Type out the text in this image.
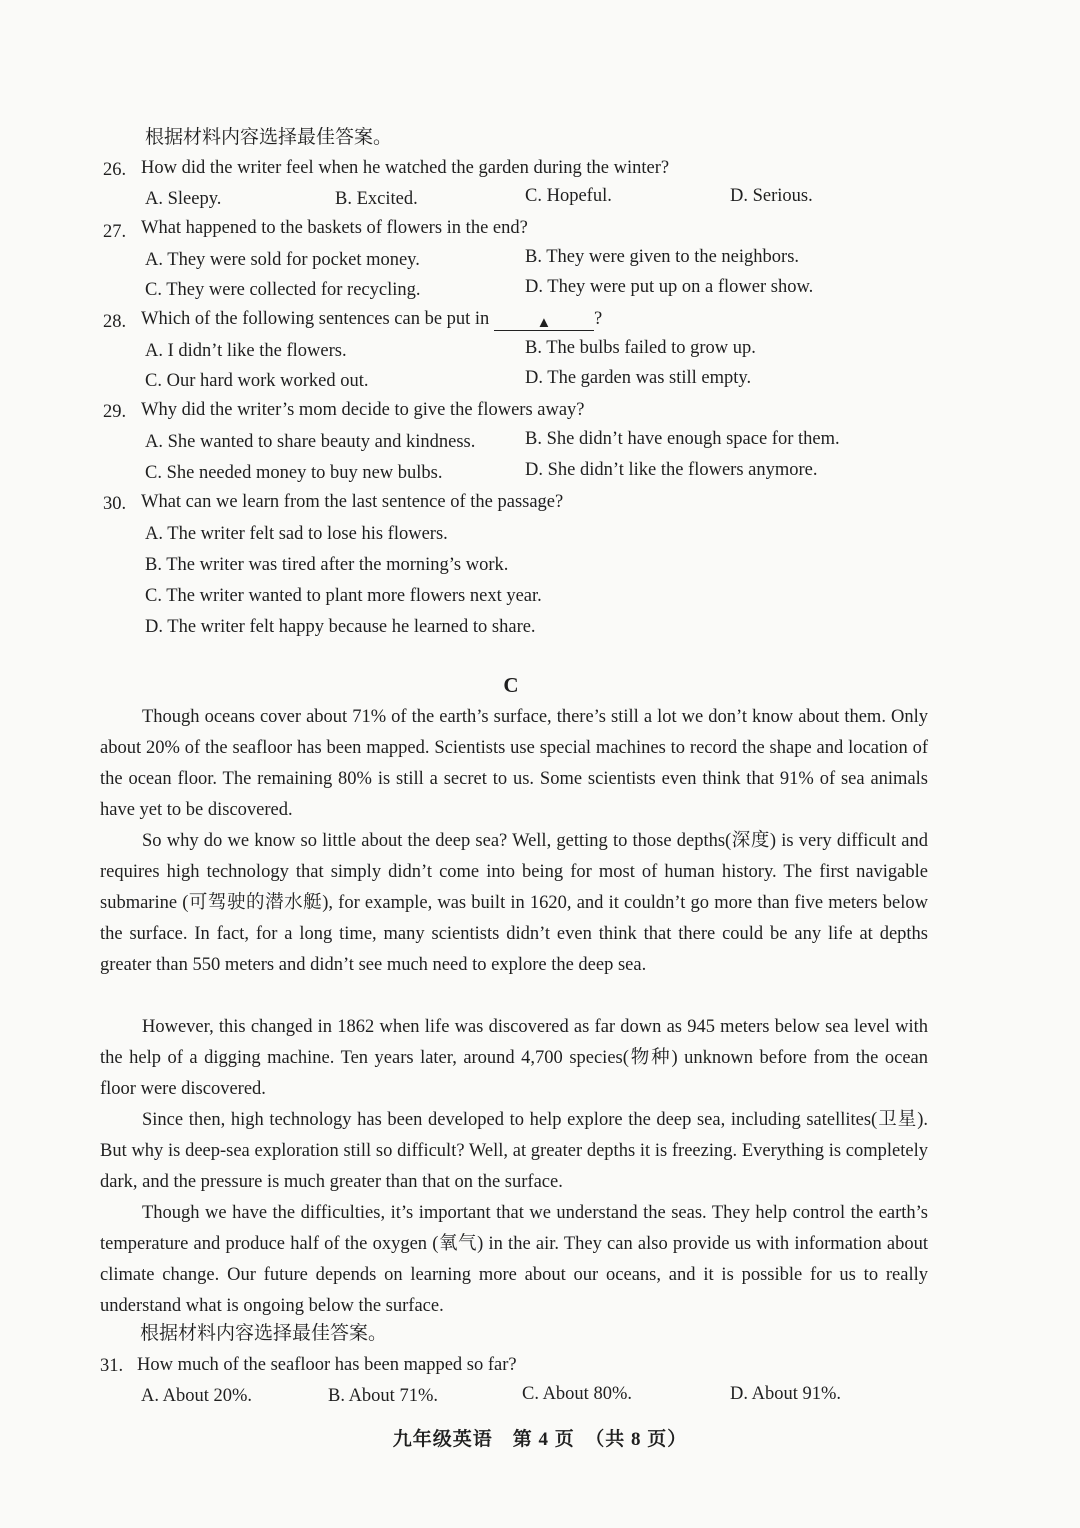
根据材料内容选择最佳答案。
26. How did the writer feel when he watched the garden during the winter?
A. Sleepy.	B. Excited.	C. Hopeful.	D. Serious.
27. What happened to the baskets of flowers in the end?
A. They were sold for pocket money.	B. They were given to the neighbors.
C. They were collected for recycling.	D. They were put up on a flower show.
28. Which of the following sentences can be put in	▲ ?
A. I didn’t like the flowers.	B. The bulbs failed to grow up.
C. Our hard work worked out.	D. The garden was still empty.
29. Why did the writer’s mom decide to give the flowers away?
A. She wanted to share beauty and kindness.	B. She didn’t have enough space for them.
C. She needed money to buy new bulbs.	D. She didn’t like the flowers anymore.
30. What can we learn from the last sentence of the passage?
A. The writer felt sad to lose his flowers.
B. The writer was tired after the morning’s work.
C. The writer wanted to plant more flowers next year.
D. The writer felt happy because he learned to share.
C

Though oceans cover about 71% of the earth’s surface, there’s still a lot we don’t know about them. Only about 20% of the seafloor has been mapped. Scientists use special machines to record the shape and location of the ocean floor. The remaining 80% is still a secret to us. Some scientists even think that 91% of sea animals have yet to be discovered.

So why do we know so little about the deep sea? Well, getting to those depths(深度) is very difficult and requires high technology that simply didn’t come into being for most of human history. The first navigable submarine (可驾驶的潜水艇), for example, was built in 1620, and it couldn’t go more than five meters below the surface. In fact, for a long time, many scientists didn’t even think that there could be any life at depths greater than 550 meters and didn’t see much need to explore the deep sea.

However, this changed in 1862 when life was discovered as far down as 945 meters below sea level with the help of a digging machine. Ten years later, around 4,700 species(物种) unknown before from the ocean floor were discovered.

Since then, high technology has been developed to help explore the deep sea, including satellites(卫星). But why is deep-sea exploration still so difficult? Well, at greater depths it is freezing. Everything is completely dark, and the pressure is much greater than that on the surface.

Though we have the difficulties, it’s important that we understand the seas. They help control the earth’s temperature and produce half of the oxygen (氧气) in the air. They can also provide us with information about climate change. Our future depends on learning more about our oceans, and it is possible for us to really understand what is ongoing below the surface.

根据材料内容选择最佳答案。
31. How much of the seafloor has been mapped so far?
A. About 20%.	B. About 71%.	C. About 80%.	D. About 91%.
九年级英语　第 4 页　（共 8 页）
